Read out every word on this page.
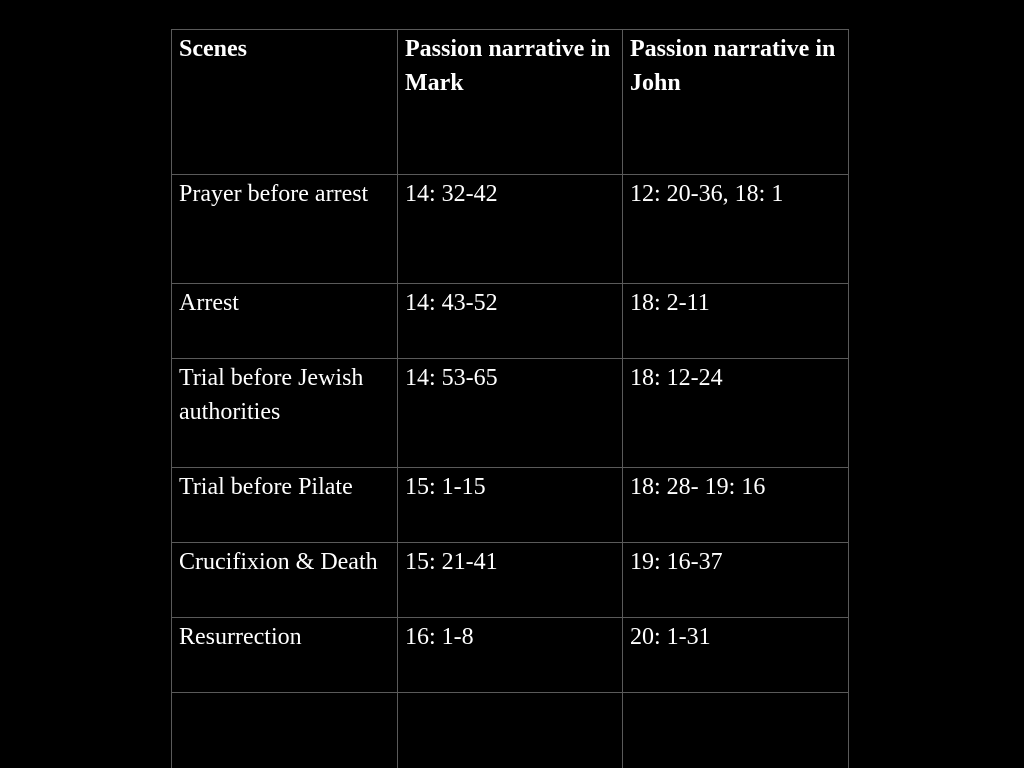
Scenes	Passion narrative in Mark	Passion narrative in John
Prayer before arrest	14: 32-42	12: 20-36, 18: 1
Arrest	14: 43-52	18: 2-11
Trial before Jewish authorities	14: 53-65	18: 12-24
Trial before Pilate	15: 1-15	18: 28- 19: 16
Crucifixion & Death	15: 21-41	19: 16-37
Resurrection	16: 1-8	20: 1-31
